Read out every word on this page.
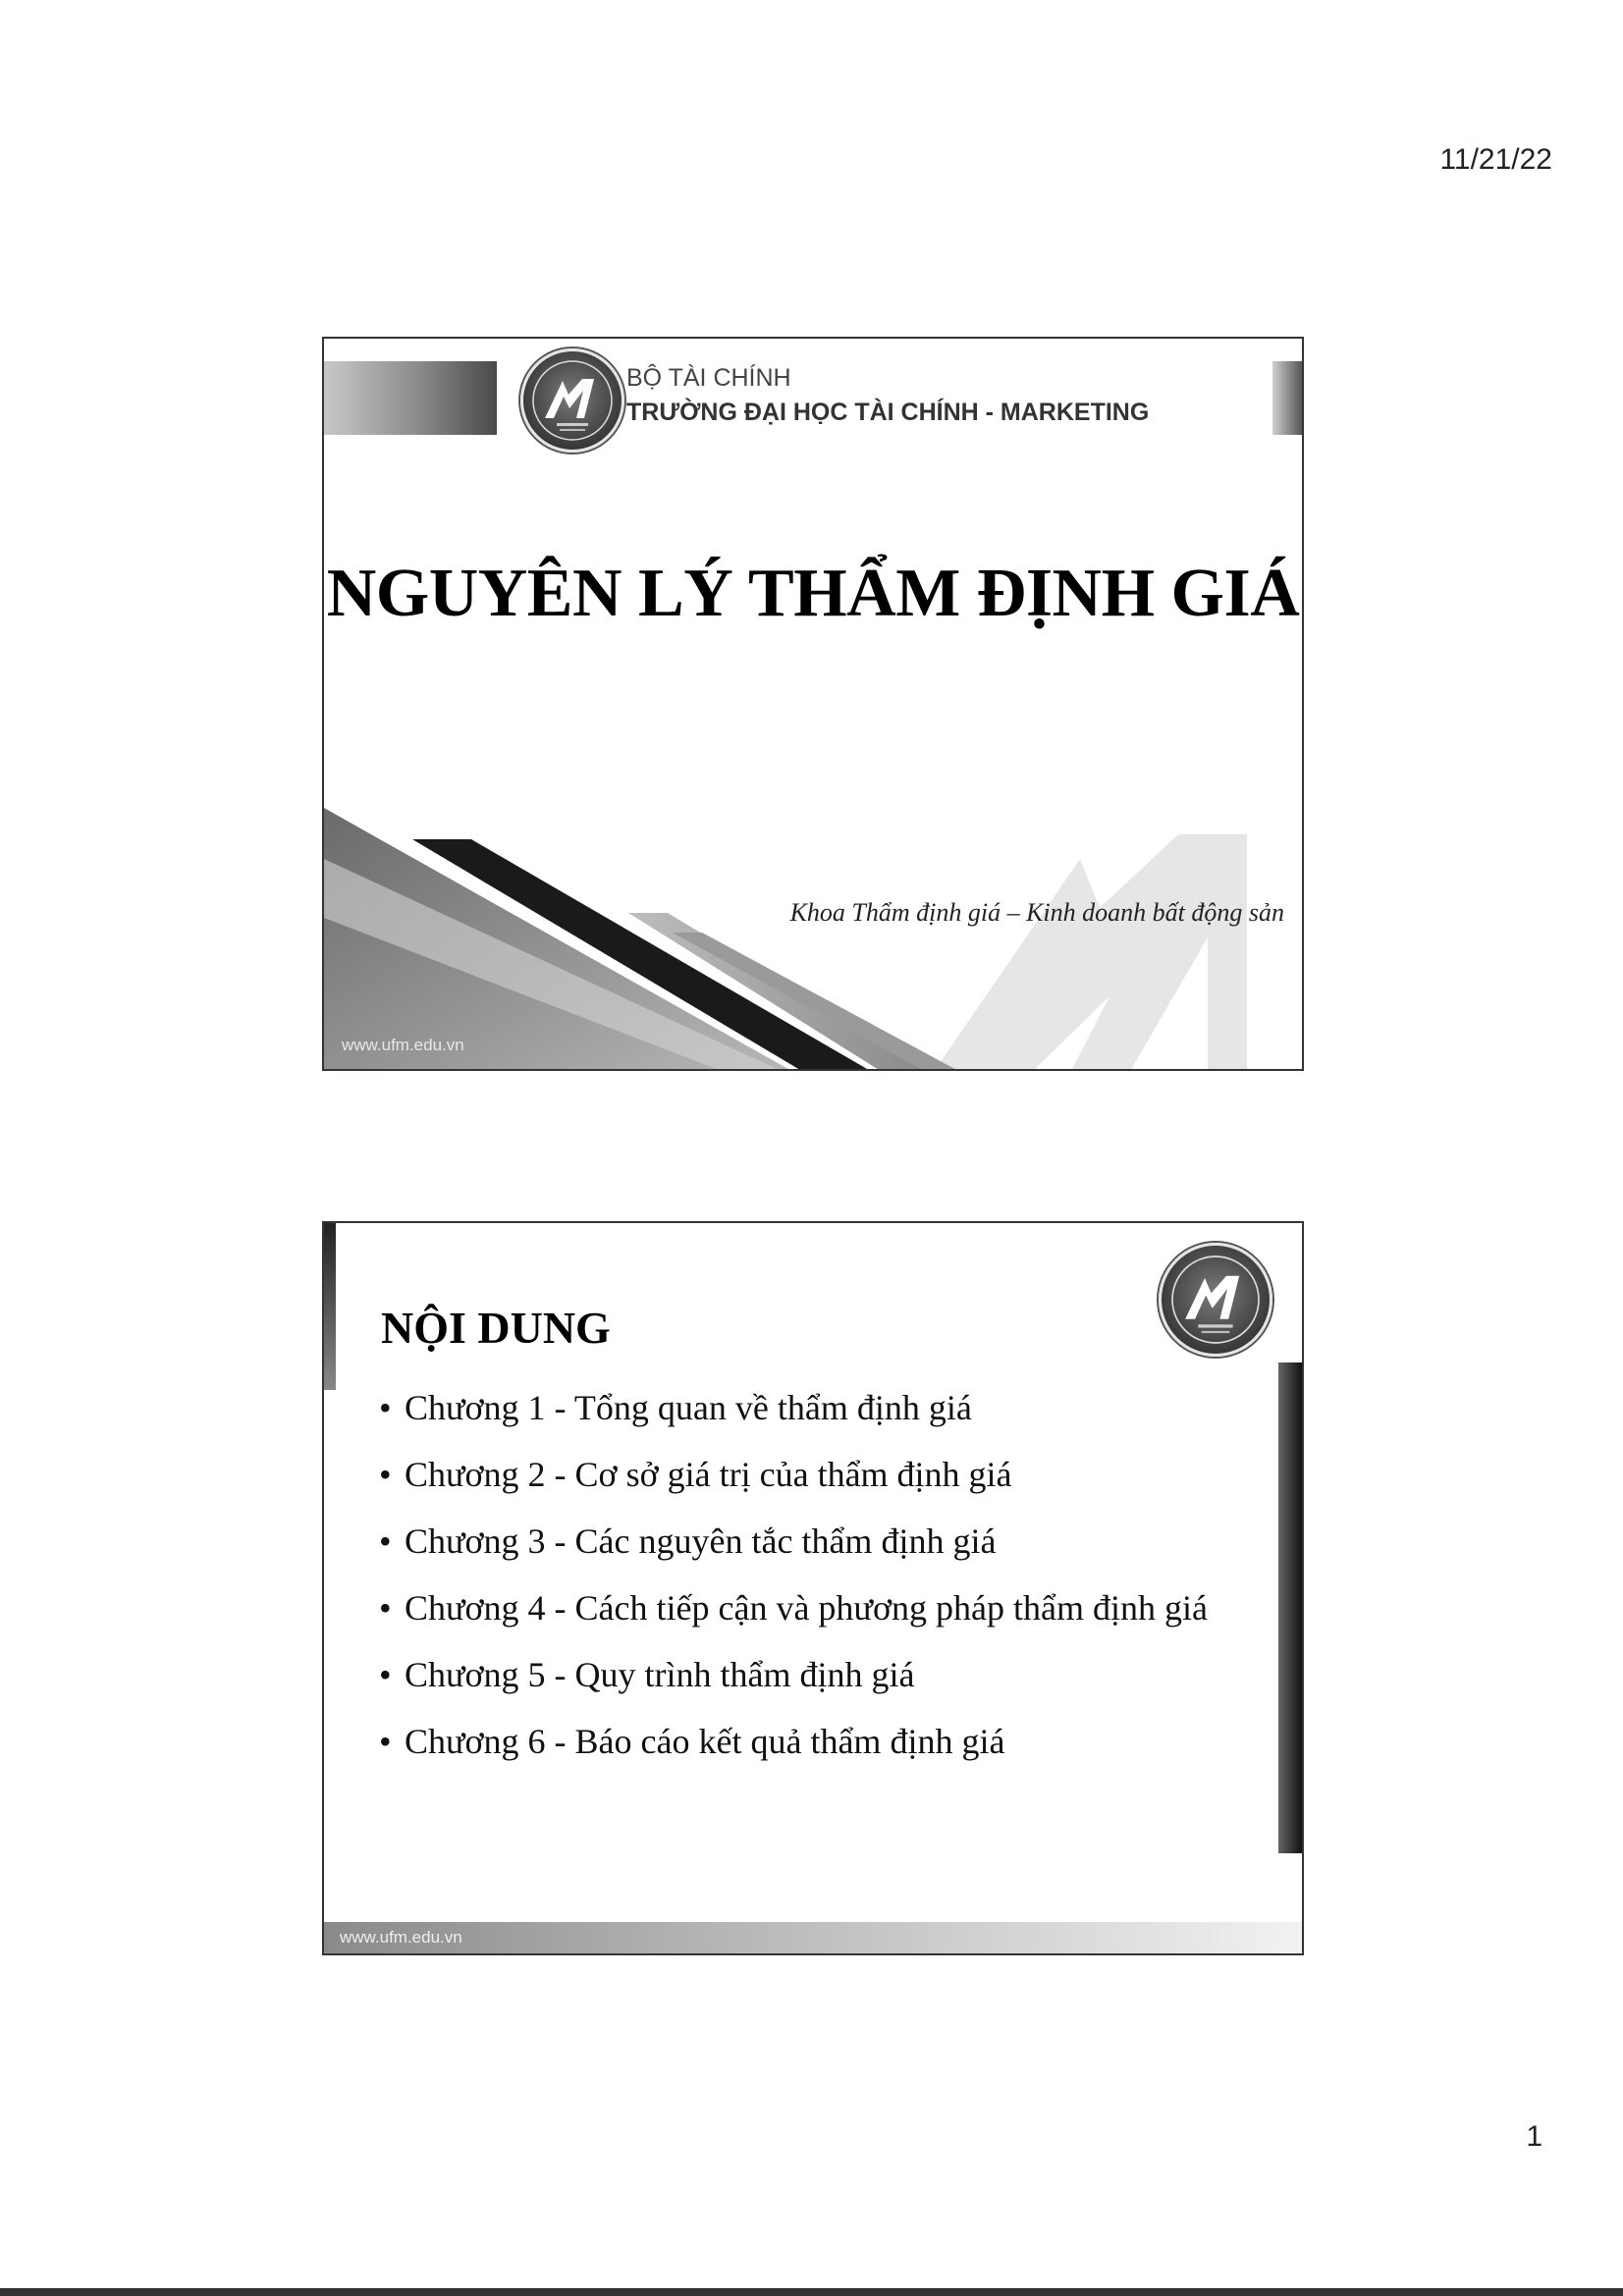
11/21/22
BỘ TÀI CHÍNH
TRƯỜNG ĐẠI HỌC TÀI CHÍNH - MARKETING
NGUYÊN LÝ THẨM ĐỊNH GIÁ
Khoa Thẩm định giá – Kinh doanh bất động sản
www.ufm.edu.vn
NỘI DUNG
• Chương 1 - Tổng quan về thẩm định giá
• Chương 2 - Cơ sở giá trị của thẩm định giá
• Chương 3 - Các nguyên tắc thẩm định giá
• Chương 4 - Cách tiếp cận và phương pháp thẩm định giá
• Chương 5 - Quy trình thẩm định giá
• Chương 6 - Báo cáo kết quả thẩm định giá
www.ufm.edu.vn
1
